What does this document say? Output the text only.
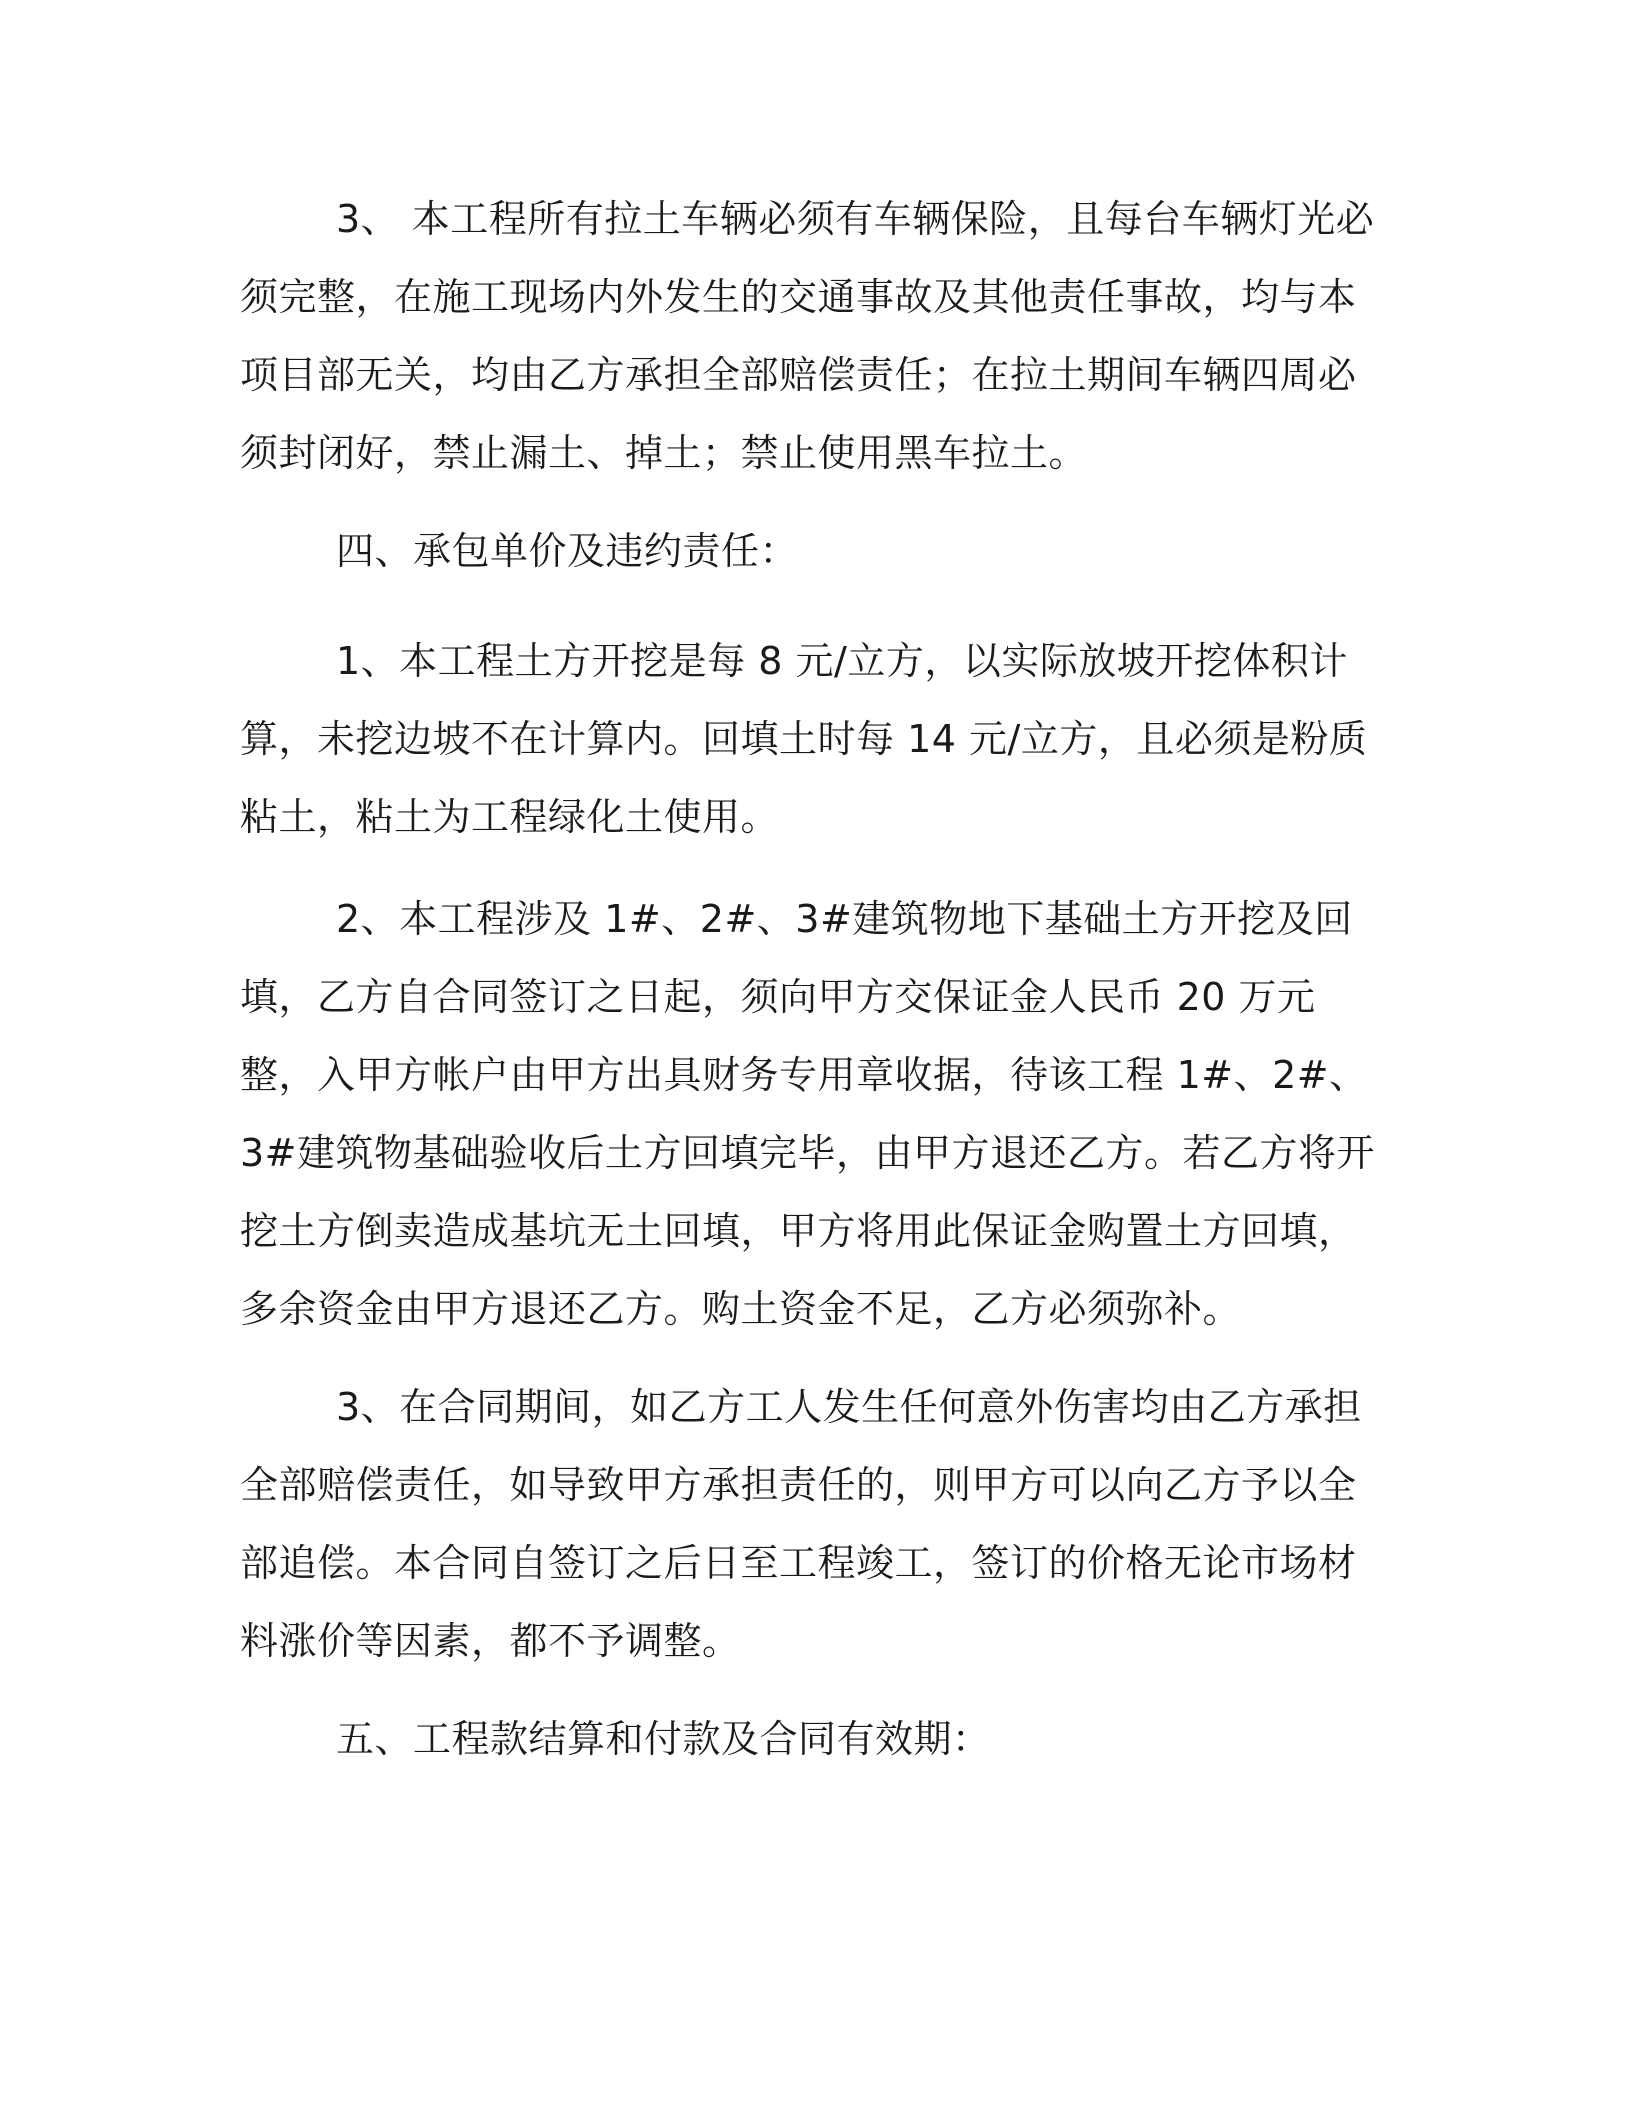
3、 本工程所有拉土车辆必须有车辆保险，且每台车辆灯光必须完整，在施工现场内外发生的交通事故及其他责任事故，均与本项目部无关，均由乙方承担全部赔偿责任；在拉土期间车辆四周必须封闭好，禁止漏土、掉土；禁止使用黑车拉土。

四、承包单价及违约责任：

1、本工程土方开挖是每 8 元/立方，以实际放坡开挖体积计算，未挖边坡不在计算内。回填土时每 14 元/立方，且必须是粉质粘土，粘土为工程绿化土使用。

2、本工程涉及 1#、2#、3#建筑物地下基础土方开挖及回填，乙方自合同签订之日起，须向甲方交保证金人民币 20 万元整，入甲方帐户由甲方出具财务专用章收据，待该工程 1#、2#、3#建筑物基础验收后土方回填完毕，由甲方退还乙方。若乙方将开挖土方倒卖造成基坑无土回填，甲方将用此保证金购置土方回填，多余资金由甲方退还乙方。购土资金不足，乙方必须弥补。

3、在合同期间，如乙方工人发生任何意外伤害均由乙方承担全部赔偿责任，如导致甲方承担责任的，则甲方可以向乙方予以全部追偿。本合同自签订之后日至工程竣工，签订的价格无论市场材料涨价等因素，都不予调整。

五、工程款结算和付款及合同有效期：
